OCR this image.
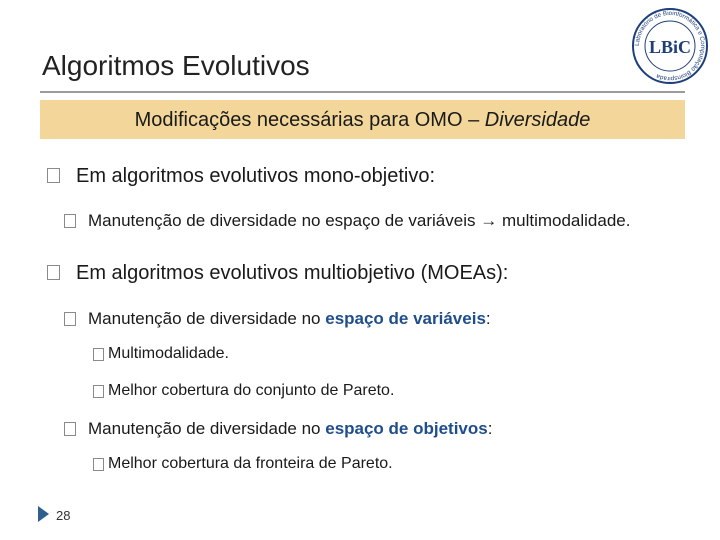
Algoritmos Evolutivos
Laboratório de Bioinformática e Computação Bioinspirada
LBiC
Modificações necessárias para OMO – Diversidade
Em algoritmos evolutivos mono-objetivo:
Manutenção de diversidade no espaço de variáveis → multimodalidade.
Em algoritmos evolutivos multiobjetivo (MOEAs):
Manutenção de diversidade no espaço de variáveis:
Multimodalidade.
Melhor cobertura do conjunto de Pareto.
Manutenção de diversidade no espaço de objetivos:
Melhor cobertura da fronteira de Pareto.
28
